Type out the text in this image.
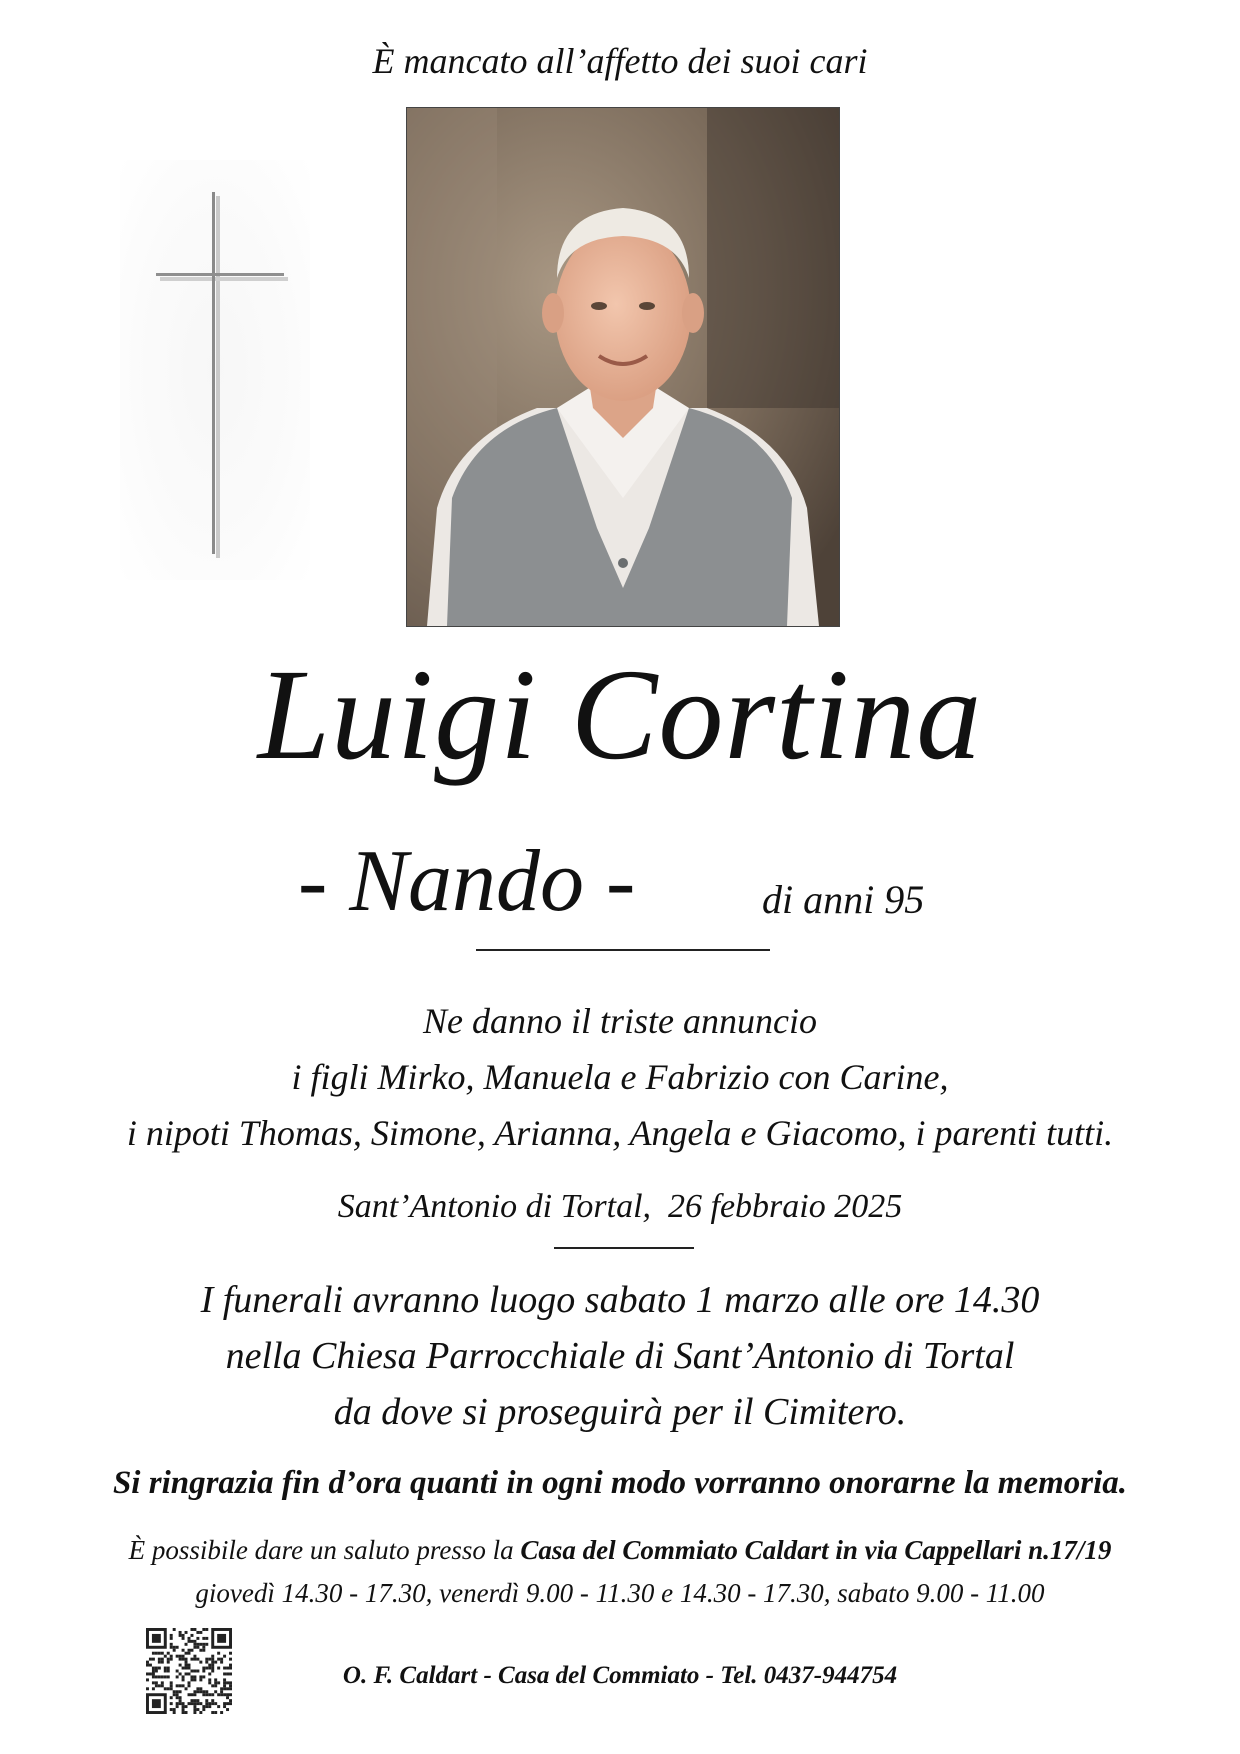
È mancato all’affetto dei suoi cari
Luigi Cortina
- Nando -	di anni 95
Ne danno il triste annuncio
i figli Mirko, Manuela e Fabrizio con Carine,
i nipoti Thomas, Simone, Arianna, Angela e Giacomo, i parenti tutti.
Sant’Antonio di Tortal,  26 febbraio 2025
I funerali avranno luogo sabato 1 marzo alle ore 14.30
nella Chiesa Parrocchiale di Sant’Antonio di Tortal
da dove si proseguirà per il Cimitero.
Si ringrazia fin d’ora quanti in ogni modo vorranno onorarne la memoria.
È possibile dare un saluto presso la Casa del Commiato Caldart in via Cappellari n.17/19
giovedì 14.30 - 17.30, venerdì 9.00 - 11.30 e 14.30 - 17.30, sabato 9.00 - 11.00
O. F. Caldart - Casa del Commiato - Tel. 0437-944754
